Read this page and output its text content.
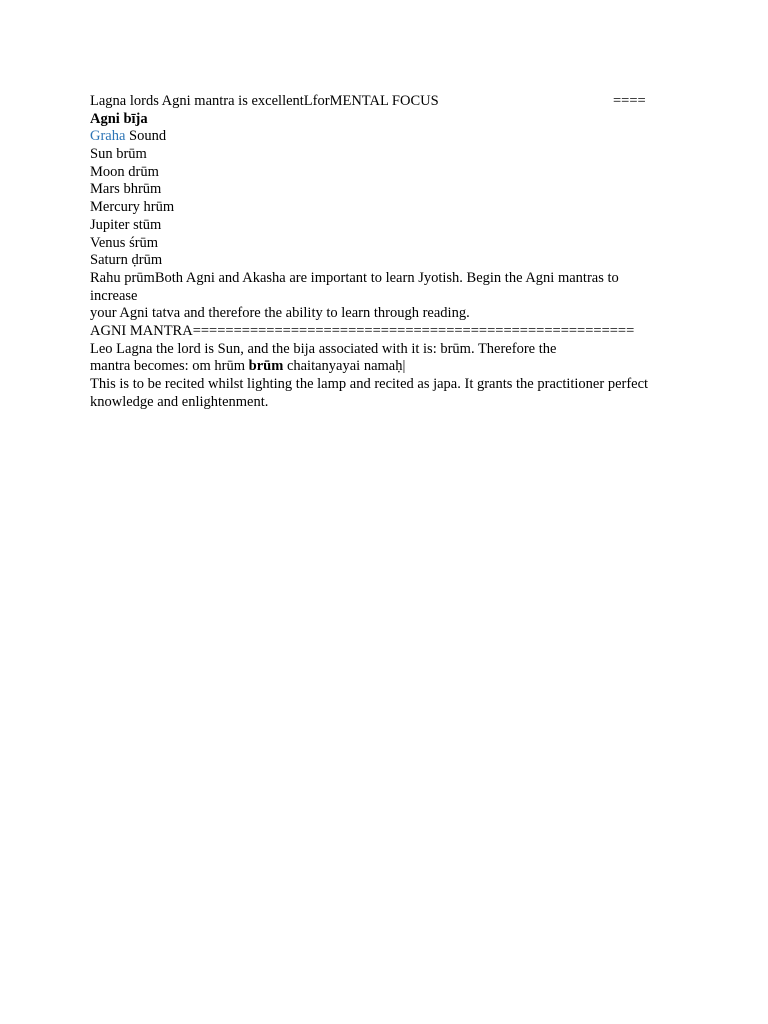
Lagna lords Agni mantra is excellentLforMENTAL FOCUS	====
Agni bīja
Graha Sound
Sun brūm
Moon drūm
Mars bhrūm
Mercury hrūm
Jupiter stūm
Venus śrūm
Saturn ḍrūm
Rahu prūmBoth Agni and Akasha are important to learn Jyotish. Begin the Agni mantras to
increase
your Agni tatva and therefore the ability to learn through reading.
AGNI MANTRA======================================================
Leo Lagna the lord is Sun, and the bija associated with it is: brūm. Therefore the
mantra becomes: om hrūm brūm chaitanyayai namaḥ|
This is to be recited whilst lighting the lamp and recited as japa. It grants the practitioner perfect
knowledge and enlightenment.
